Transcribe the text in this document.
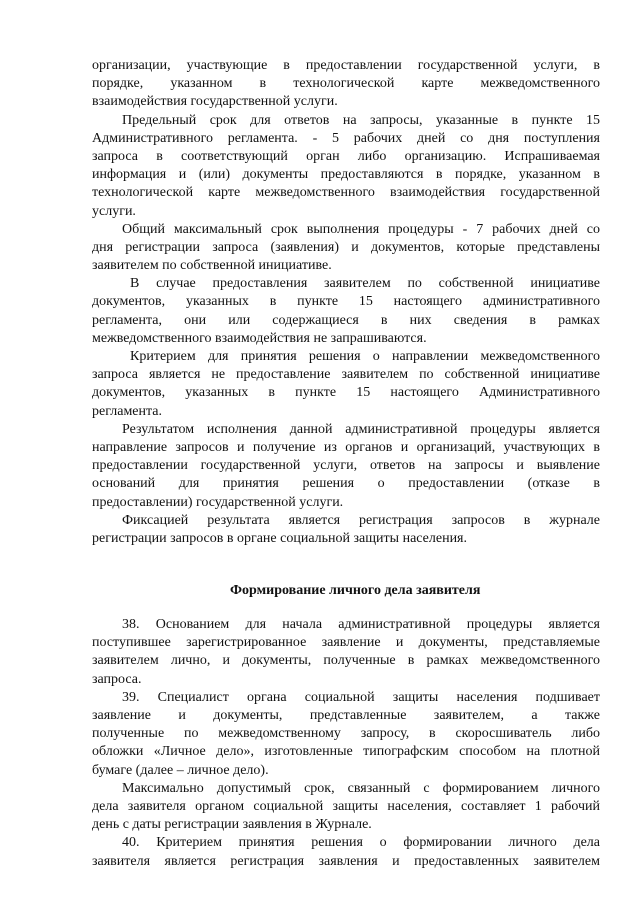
организации, участвующие в предоставлении государственной услуги, в
порядке, указанном в технологической карте межведомственного
взаимодействия государственной услуги.
Предельный срок для ответов на запросы, указанные в пункте 15
Административного регламента. - 5 рабочих дней со дня поступления
запроса в соответствующий орган либо организацию. Испрашиваемая
информация и (или) документы предоставляются в порядке, указанном в
технологической карте межведомственного взаимодействия государственной
услуги.
Общий максимальный срок выполнения процедуры - 7 рабочих дней со
дня регистрации запроса (заявления) и документов, которые представлены
заявителем по собственной инициативе.
В случае предоставления заявителем по собственной инициативе
документов, указанных в пункте 15 настоящего административного
регламента, они или содержащиеся в них сведения в рамках
межведомственного взаимодействия не запрашиваются.
Критерием для принятия решения о направлении межведомственного
запроса является не предоставление заявителем по собственной инициативе
документов, указанных в пункте 15 настоящего Административного
регламента.
Результатом исполнения данной административной процедуры является
направление запросов и получение из органов и организаций, участвующих в
предоставлении государственной услуги, ответов на запросы и выявление
оснований для принятия решения о предоставлении (отказе в
предоставлении) государственной услуги.
Фиксацией результата является регистрация запросов в журнале
регистрации запросов в органе социальной защиты населения.
Формирование личного дела заявителя
38. Основанием для начала административной процедуры является
поступившее зарегистрированное заявление и документы, представляемые
заявителем лично, и документы, полученные в рамках межведомственного
запроса.
39. Специалист органа социальной защиты населения подшивает
заявление и документы, представленные заявителем, а также
полученные по межведомственному запросу, в скоросшиватель либо
обложки «Личное дело», изготовленные типографским способом на плотной
бумаге (далее – личное дело).
Максимально допустимый срок, связанный с формированием личного
дела заявителя органом социальной защиты населения, составляет 1 рабочий
день с даты регистрации заявления в Журнале.
40. Критерием принятия решения о формировании личного дела
заявителя является регистрация заявления и предоставленных заявителем
